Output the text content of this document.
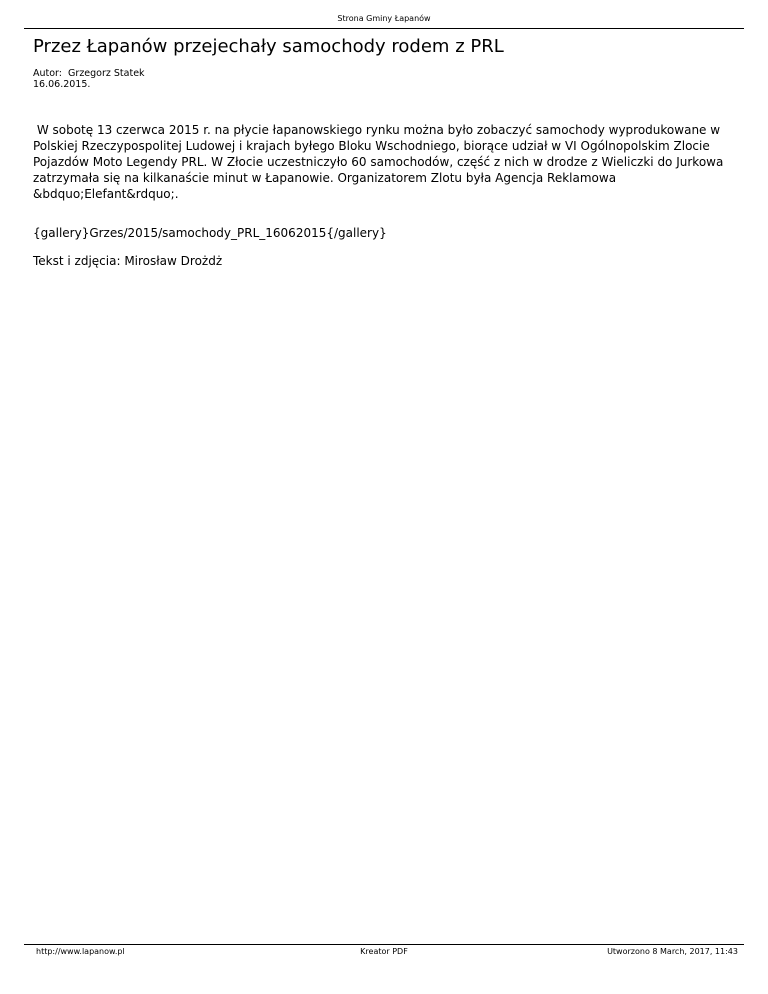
Strona Gminy Łapanów
Przez Łapanów przejechały samochody rodem z PRL
Autor: Grzegorz Statek
16.06.2015.

W sobotę 13 czerwca 2015 r. na płycie łapanowskiego rynku można było zobaczyć samochody wyprodukowane w Polskiej Rzeczypospolitej Ludowej i krajach byłego Bloku Wschodniego, biorące udział w VI Ogólnopolskim Zlocie Pojazdów Moto Legendy PRL. W Złocie uczestniczyło 60 samochodów, część z nich w drodze z Wieliczki do Jurkowa zatrzymała się na kilkanaście minut w Łapanowie. Organizatorem Zlotu była Agencja Reklamowa &bdquo;Elefant&rdquo;.

{gallery}Grzes/2015/samochody_PRL_16062015{/gallery}

Tekst i zdjęcia: Mirosław Drożdż

http://www.lapanow.pl	Kreator PDF	Utworzono 8 March, 2017, 11:43
